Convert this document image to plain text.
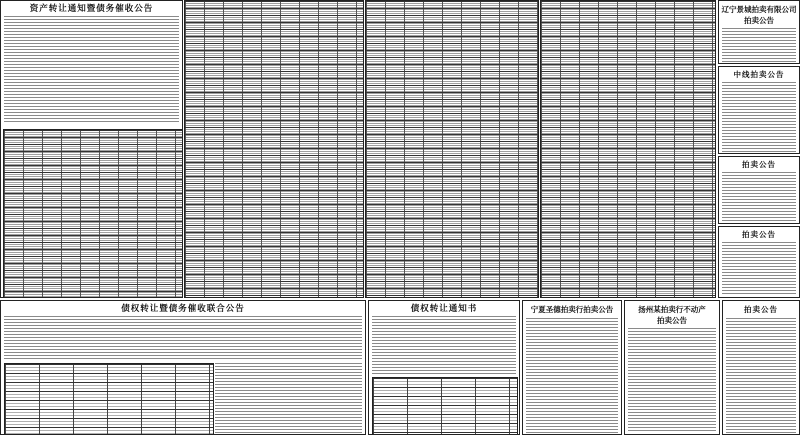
资产转让通知暨债务催收公告	辽宁景城拍卖有限公司
拍卖公告
中线拍卖公告
拍卖公告
拍卖公告
债权转让暨债务催收联合公告	债权转让通知书	宁夏圣德拍卖行拍卖公告	扬州某拍卖行不动产
拍卖公告
拍卖公告
